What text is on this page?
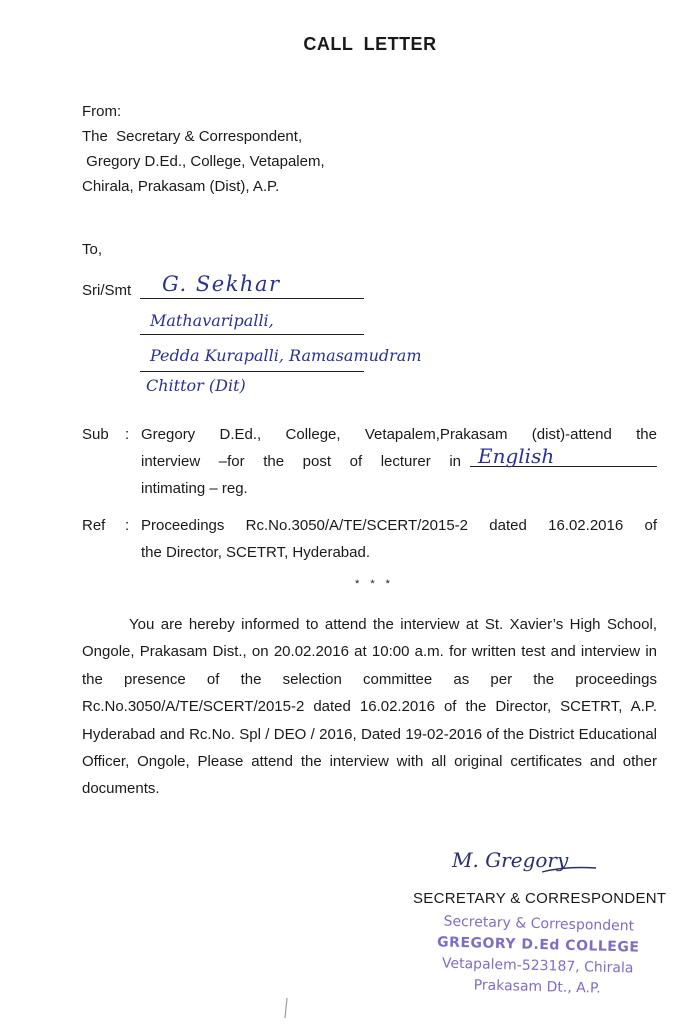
CALL LETTER
From:
The  Secretary & Correspondent,
Gregory D.Ed., College, Vetapalem,
Chirala, Prakasam (Dist), A.P.
To,
Sri/Smt G. Sekhar
Mathavaripalli,
Pedda Kurapalli, Ramasamudram
Chittor (Dit)
Sub : Gregory D.Ed., College, Vetapalem,Prakasam (dist)-attend the
interview –for the post of lecturer in English
intimating – reg.
Ref : Proceedings Rc.No.3050/A/TE/SCERT/2015-2 dated 16.02.2016 of
the Director, SCETRT, Hyderabad.
* * *
You are hereby informed to attend the interview at St. Xavier’s High School, Ongole, Prakasam Dist., on 20.02.2016 at 10:00 a.m. for written test and interview in the presence of the selection committee as per the proceedings Rc.No.3050/A/TE/SCERT/2015-2 dated 16.02.2016 of the Director, SCETRT, A.P. Hyderabad and Rc.No. Spl / DEO / 2016, Dated 19-02-2016 of the District Educational Officer, Ongole, Please attend the interview with all original certificates and other documents.
M. Gregory
SECRETARY & CORRESPONDENT
Secretary & Correspondent
GREGORY D.Ed COLLEGE
Vetapalem-523187, Chirala
Prakasam Dt., A.P.
